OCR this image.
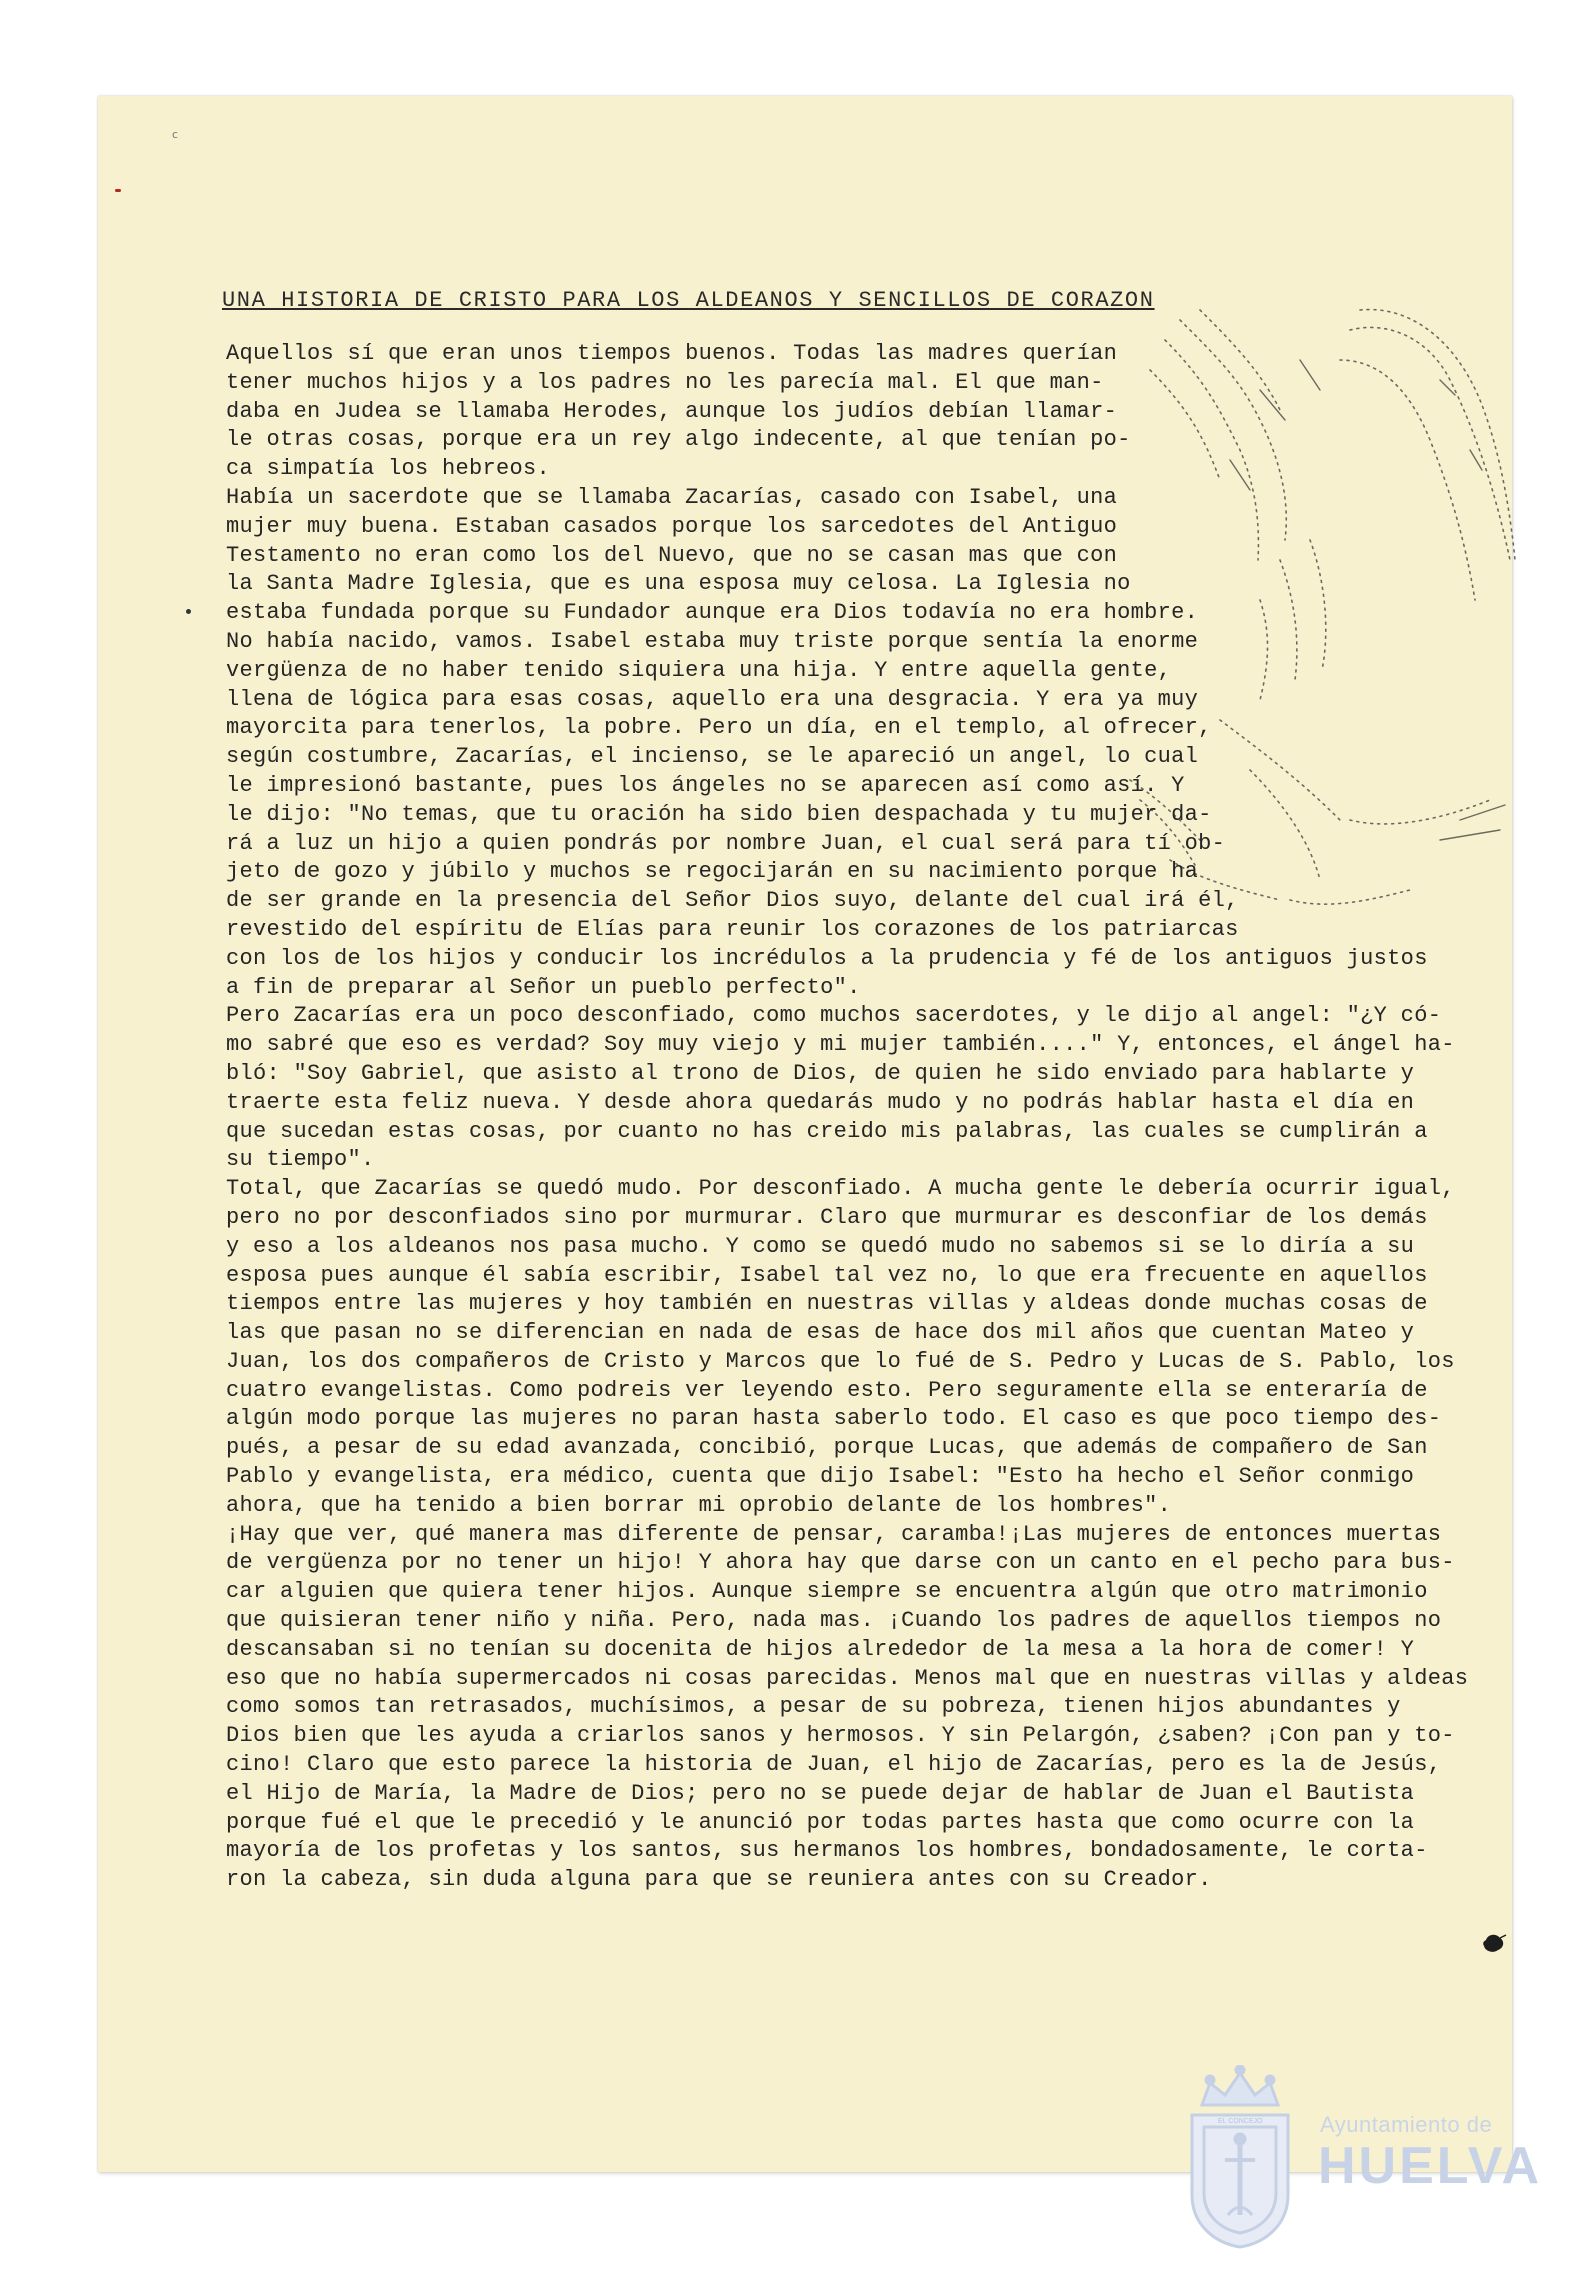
c
UNA HISTORIA DE CRISTO PARA LOS ALDEANOS Y SENCILLOS DE CORAZON
Aquellos sí que eran unos tiempos buenos. Todas las madres querían
tener muchos hijos y a los padres no les parecía mal. El que man-
daba en Judea se llamaba Herodes, aunque los judíos debían llamar-
le otras cosas, porque era un rey algo indecente, al que tenían po-
ca simpatía los hebreos.
Había un sacerdote que se llamaba Zacarías, casado con Isabel, una
mujer muy buena. Estaban casados porque los sarcedotes del Antiguo
Testamento no eran como los del Nuevo, que no se casan mas que con
la Santa Madre Iglesia, que es una esposa muy celosa. La Iglesia no
estaba fundada porque su Fundador aunque era Dios todavía no era hombre.
No había nacido, vamos. Isabel estaba muy triste porque sentía la enorme
vergüenza de no haber tenido siquiera una hija. Y entre aquella gente,
llena de lógica para esas cosas, aquello era una desgracia. Y era ya muy
mayorcita para tenerlos, la pobre. Pero un día, en el templo, al ofrecer,
según costumbre, Zacarías, el incienso, se le apareció un angel, lo cual
le impresionó bastante, pues los ángeles no se aparecen así como así. Y
le dijo: "No temas, que tu oración ha sido bien despachada y tu mujer da-
rá a luz un hijo a quien pondrás por nombre Juan, el cual será para tí ob-
jeto de gozo y júbilo y muchos se regocijarán en su nacimiento porque ha
de ser grande en la presencia del Señor Dios suyo, delante del cual irá él,
revestido del espíritu de Elías para reunir los corazones de los patriarcas
con los de los hijos y conducir los incrédulos a la prudencia y fé de los antiguos justos
a fin de preparar al Señor un pueblo perfecto".
Pero Zacarías era un poco desconfiado, como muchos sacerdotes, y le dijo al angel: "¿Y có-
mo sabré que eso es verdad? Soy muy viejo y mi mujer también...." Y, entonces, el ángel ha-
bló: "Soy Gabriel, que asisto al trono de Dios, de quien he sido enviado para hablarte y
traerte esta feliz nueva. Y desde ahora quedarás mudo y no podrás hablar hasta el día en
que sucedan estas cosas, por cuanto no has creido mis palabras, las cuales se cumplirán a
su tiempo".
Total, que Zacarías se quedó mudo. Por desconfiado. A mucha gente le debería ocurrir igual,
pero no por desconfiados sino por murmurar. Claro que murmurar es desconfiar de los demás
y eso a los aldeanos nos pasa mucho. Y como se quedó mudo no sabemos si se lo diría a su
esposa pues aunque él sabía escribir, Isabel tal vez no, lo que era frecuente en aquellos
tiempos entre las mujeres y hoy también en nuestras villas y aldeas donde muchas cosas de
las que pasan no se diferencian en nada de esas de hace dos mil años que cuentan Mateo y
Juan, los dos compañeros de Cristo y Marcos que lo fué de S. Pedro y Lucas de S. Pablo, los
cuatro evangelistas. Como podreis ver leyendo esto. Pero seguramente ella se enteraría de
algún modo porque las mujeres no paran hasta saberlo todo. El caso es que poco tiempo des-
pués, a pesar de su edad avanzada, concibió, porque Lucas, que además de compañero de San
Pablo y evangelista, era médico, cuenta que dijo Isabel: "Esto ha hecho el Señor conmigo
ahora, que ha tenido a bien borrar mi oprobio delante de los hombres".
¡Hay que ver, qué manera mas diferente de pensar, caramba!¡Las mujeres de entonces muertas
de vergüenza por no tener un hijo! Y ahora hay que darse con un canto en el pecho para bus-
car alguien que quiera tener hijos. Aunque siempre se encuentra algún que otro matrimonio
que quisieran tener niño y niña. Pero, nada mas. ¡Cuando los padres de aquellos tiempos no
descansaban si no tenían su docenita de hijos alrededor de la mesa a la hora de comer! Y
eso que no había supermercados ni cosas parecidas. Menos mal que en nuestras villas y aldeas
como somos tan retrasados, muchísimos, a pesar de su pobreza, tienen hijos abundantes y
Dios bien que les ayuda a criarlos sanos y hermosos. Y sin Pelargón, ¿saben? ¡Con pan y to-
cino! Claro que esto parece la historia de Juan, el hijo de Zacarías, pero es la de Jesús,
el Hijo de María, la Madre de Dios; pero no se puede dejar de hablar de Juan el Bautista
porque fué el que le precedió y le anunció por todas partes hasta que como ocurre con la
mayoría de los profetas y los santos, sus hermanos los hombres, bondadosamente, le corta-
ron la cabeza, sin duda alguna para que se reuniera antes con su Creador.
EL CONCEJO	Ayuntamiento de
HUELVA
